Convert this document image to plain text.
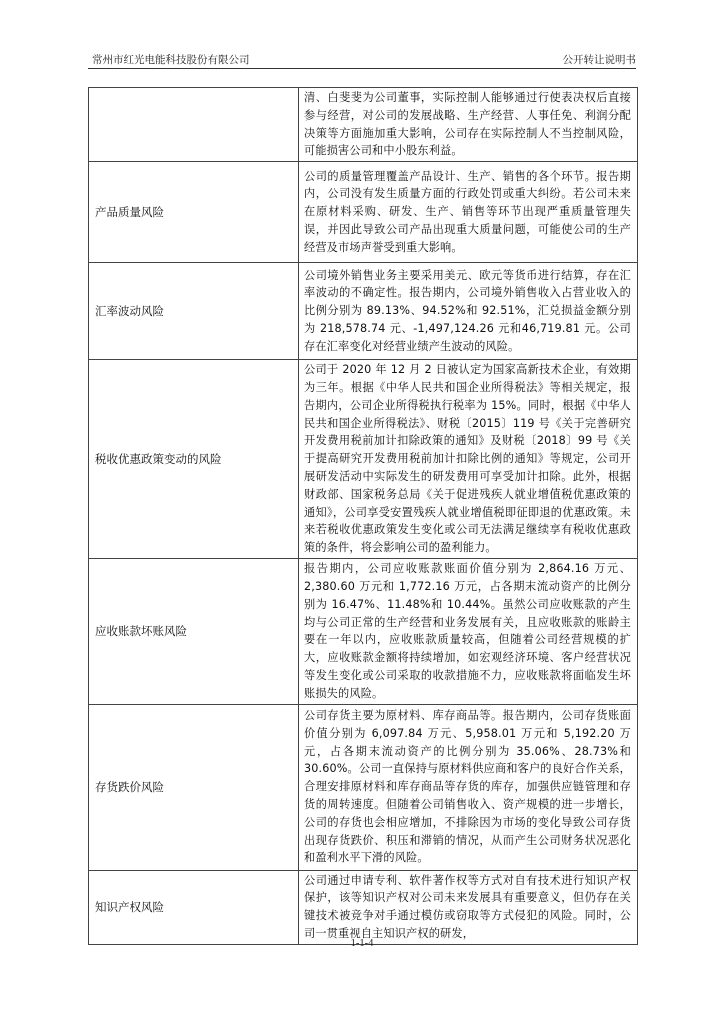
常州市红光电能科技股份有限公司	公开转让说明书
	清、白斐斐为公司董事，实际控制人能够通过行使表决权后直接参与经营，对公司的发展战略、生产经营、人事任免、利润分配决策等方面施加重大影响，公司存在实际控制人不当控制风险，可能损害公司和中小股东利益。
产品质量风险	公司的质量管理覆盖产品设计、生产、销售的各个环节。报告期内，公司没有发生质量方面的行政处罚或重大纠纷。若公司未来在原材料采购、研发、生产、销售等环节出现严重质量管理失误，并因此导致公司产品出现重大质量问题，可能使公司的生产经营及市场声誉受到重大影响。
汇率波动风险	公司境外销售业务主要采用美元、欧元等货币进行结算，存在汇率波动的不确定性。报告期内，公司境外销售收入占营业收入的比例分别为 89.13%、94.52%和 92.51%，汇兑损益金额分别为 218,578.74 元、-1,497,124.26 元和46,719.81 元。公司存在汇率变化对经营业绩产生波动的风险。
税收优惠政策变动的风险	公司于 2020 年 12 月 2 日被认定为国家高新技术企业，有效期为三年。根据《中华人民共和国企业所得税法》等相关规定，报告期内，公司企业所得税执行税率为 15%。同时，根据《中华人民共和国企业所得税法》、财税〔2015〕119 号《关于完善研究开发费用税前加计扣除政策的通知》及财税〔2018〕99 号《关于提高研究开发费用税前加计扣除比例的通知》等规定，公司开展研发活动中实际发生的研发费用可享受加计扣除。此外，根据财政部、国家税务总局《关于促进残疾人就业增值税优惠政策的通知》，公司享受安置残疾人就业增值税即征即退的优惠政策。未来若税收优惠政策发生变化或公司无法满足继续享有税收优惠政策的条件，将会影响公司的盈利能力。
应收账款坏账风险	报告期内，公司应收账款账面价值分别为 2,864.16 万元、2,380.60 万元和 1,772.16 万元，占各期末流动资产的比例分别为 16.47%、11.48%和 10.44%。虽然公司应收账款的产生均与公司正常的生产经营和业务发展有关，且应收账款的账龄主要在一年以内，应收账款质量较高，但随着公司经营规模的扩大，应收账款金额将持续增加，如宏观经济环境、客户经营状况等发生变化或公司采取的收款措施不力，应收账款将面临发生坏账损失的风险。
存货跌价风险	公司存货主要为原材料、库存商品等。报告期内，公司存货账面价值分别为 6,097.84 万元、5,958.01 万元和 5,192.20 万元，占各期末流动资产的比例分别为 35.06%、28.73%和 30.60%。公司一直保持与原材料供应商和客户的良好合作关系，合理安排原材料和库存商品等存货的库存，加强供应链管理和存货的周转速度。但随着公司销售收入、资产规模的进一步增长，公司的存货也会相应增加，不排除因为市场的变化导致公司存货出现存货跌价、积压和滞销的情况，从而产生公司财务状况恶化和盈利水平下滑的风险。
知识产权风险	公司通过申请专利、软件著作权等方式对自有技术进行知识产权保护，该等知识产权对公司未来发展具有重要意义，但仍存在关键技术被竞争对手通过模仿或窃取等方式侵犯的风险。同时，公司一贯重视自主知识产权的研发，
1-1-4
